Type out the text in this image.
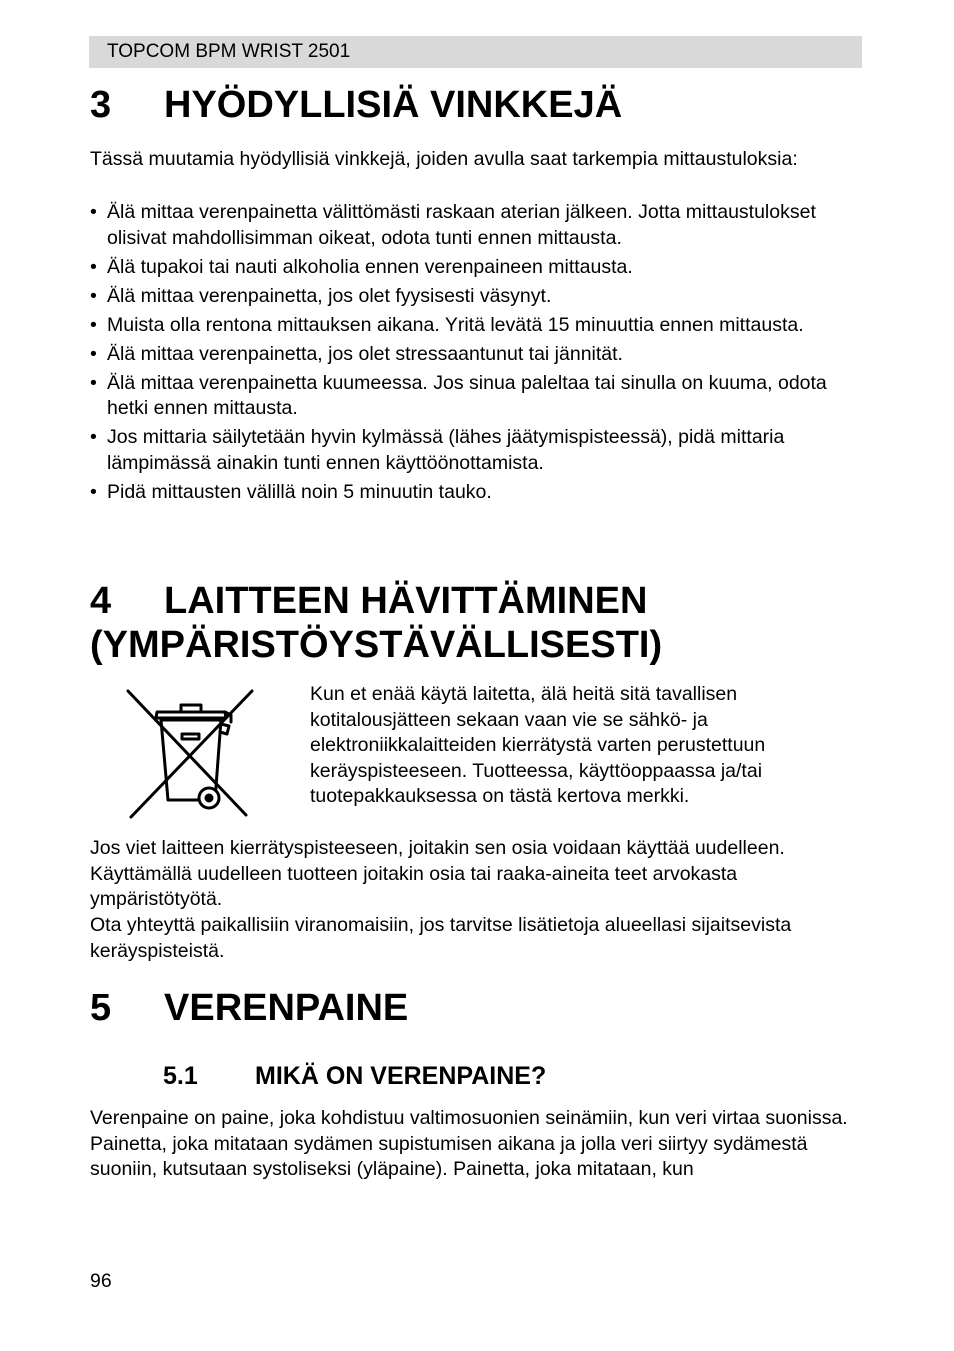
TOPCOM BPM WRIST 2501
3 HYÖDYLLISIÄ VINKKEJÄ

Tässä muutamia hyödyllisiä vinkkejä, joiden avulla saat tarkempia mittaustuloksia:

• Älä mittaa verenpainetta välittömästi raskaan aterian jälkeen. Jotta mittaustulokset olisivat mahdollisimman oikeat, odota tunti ennen mittausta.
• Älä tupakoi tai nauti alkoholia ennen verenpaineen mittausta.
• Älä mittaa verenpainetta, jos olet fyysisesti väsynyt.
• Muista olla rentona mittauksen aikana. Yritä levätä 15 minuuttia ennen mittausta.
• Älä mittaa verenpainetta, jos olet stressaantunut tai jännität.
• Älä mittaa verenpainetta kuumeessa. Jos sinua paleltaa tai sinulla on kuuma, odota hetki ennen mittausta.
• Jos mittaria säilytetään hyvin kylmässä (lähes jäätymispisteessä), pidä mittaria lämpimässä ainakin tunti ennen käyttöönottamista.
• Pidä mittausten välillä noin 5 minuutin tauko.
4 LAITTEEN HÄVITTÄMINEN
(YMPÄRISTÖYSTÄVÄLLISESTI)

Kun et enää käytä laitetta, älä heitä sitä tavallisen kotitalousjätteen sekaan vaan vie se sähkö- ja elektroniikkalaitteiden kierrätystä varten perustettuun keräyspisteeseen. Tuotteessa, käyttöoppaassa ja/tai tuotepakkauksessa on tästä kertova merkki.

Jos viet laitteen kierrätyspisteeseen, joitakin sen osia voidaan käyttää uudelleen. Käyttämällä uudelleen tuotteen joitakin osia tai raaka-aineita teet arvokasta ympäristötyötä.

Ota yhteyttä paikallisiin viranomaisiin, jos tarvitse lisätietoja alueellasi sijaitsevista keräyspisteistä.

5 VERENPAINE
5.1 MIKÄ ON VERENPAINE?

Verenpaine on paine, joka kohdistuu valtimosuonien seinämiin, kun veri virtaa suonissa. Painetta, joka mitataan sydämen supistumisen aikana ja jolla veri siirtyy sydämestä suoniin, kutsutaan systoliseksi (yläpaine). Painetta, joka mitataan, kun

96
